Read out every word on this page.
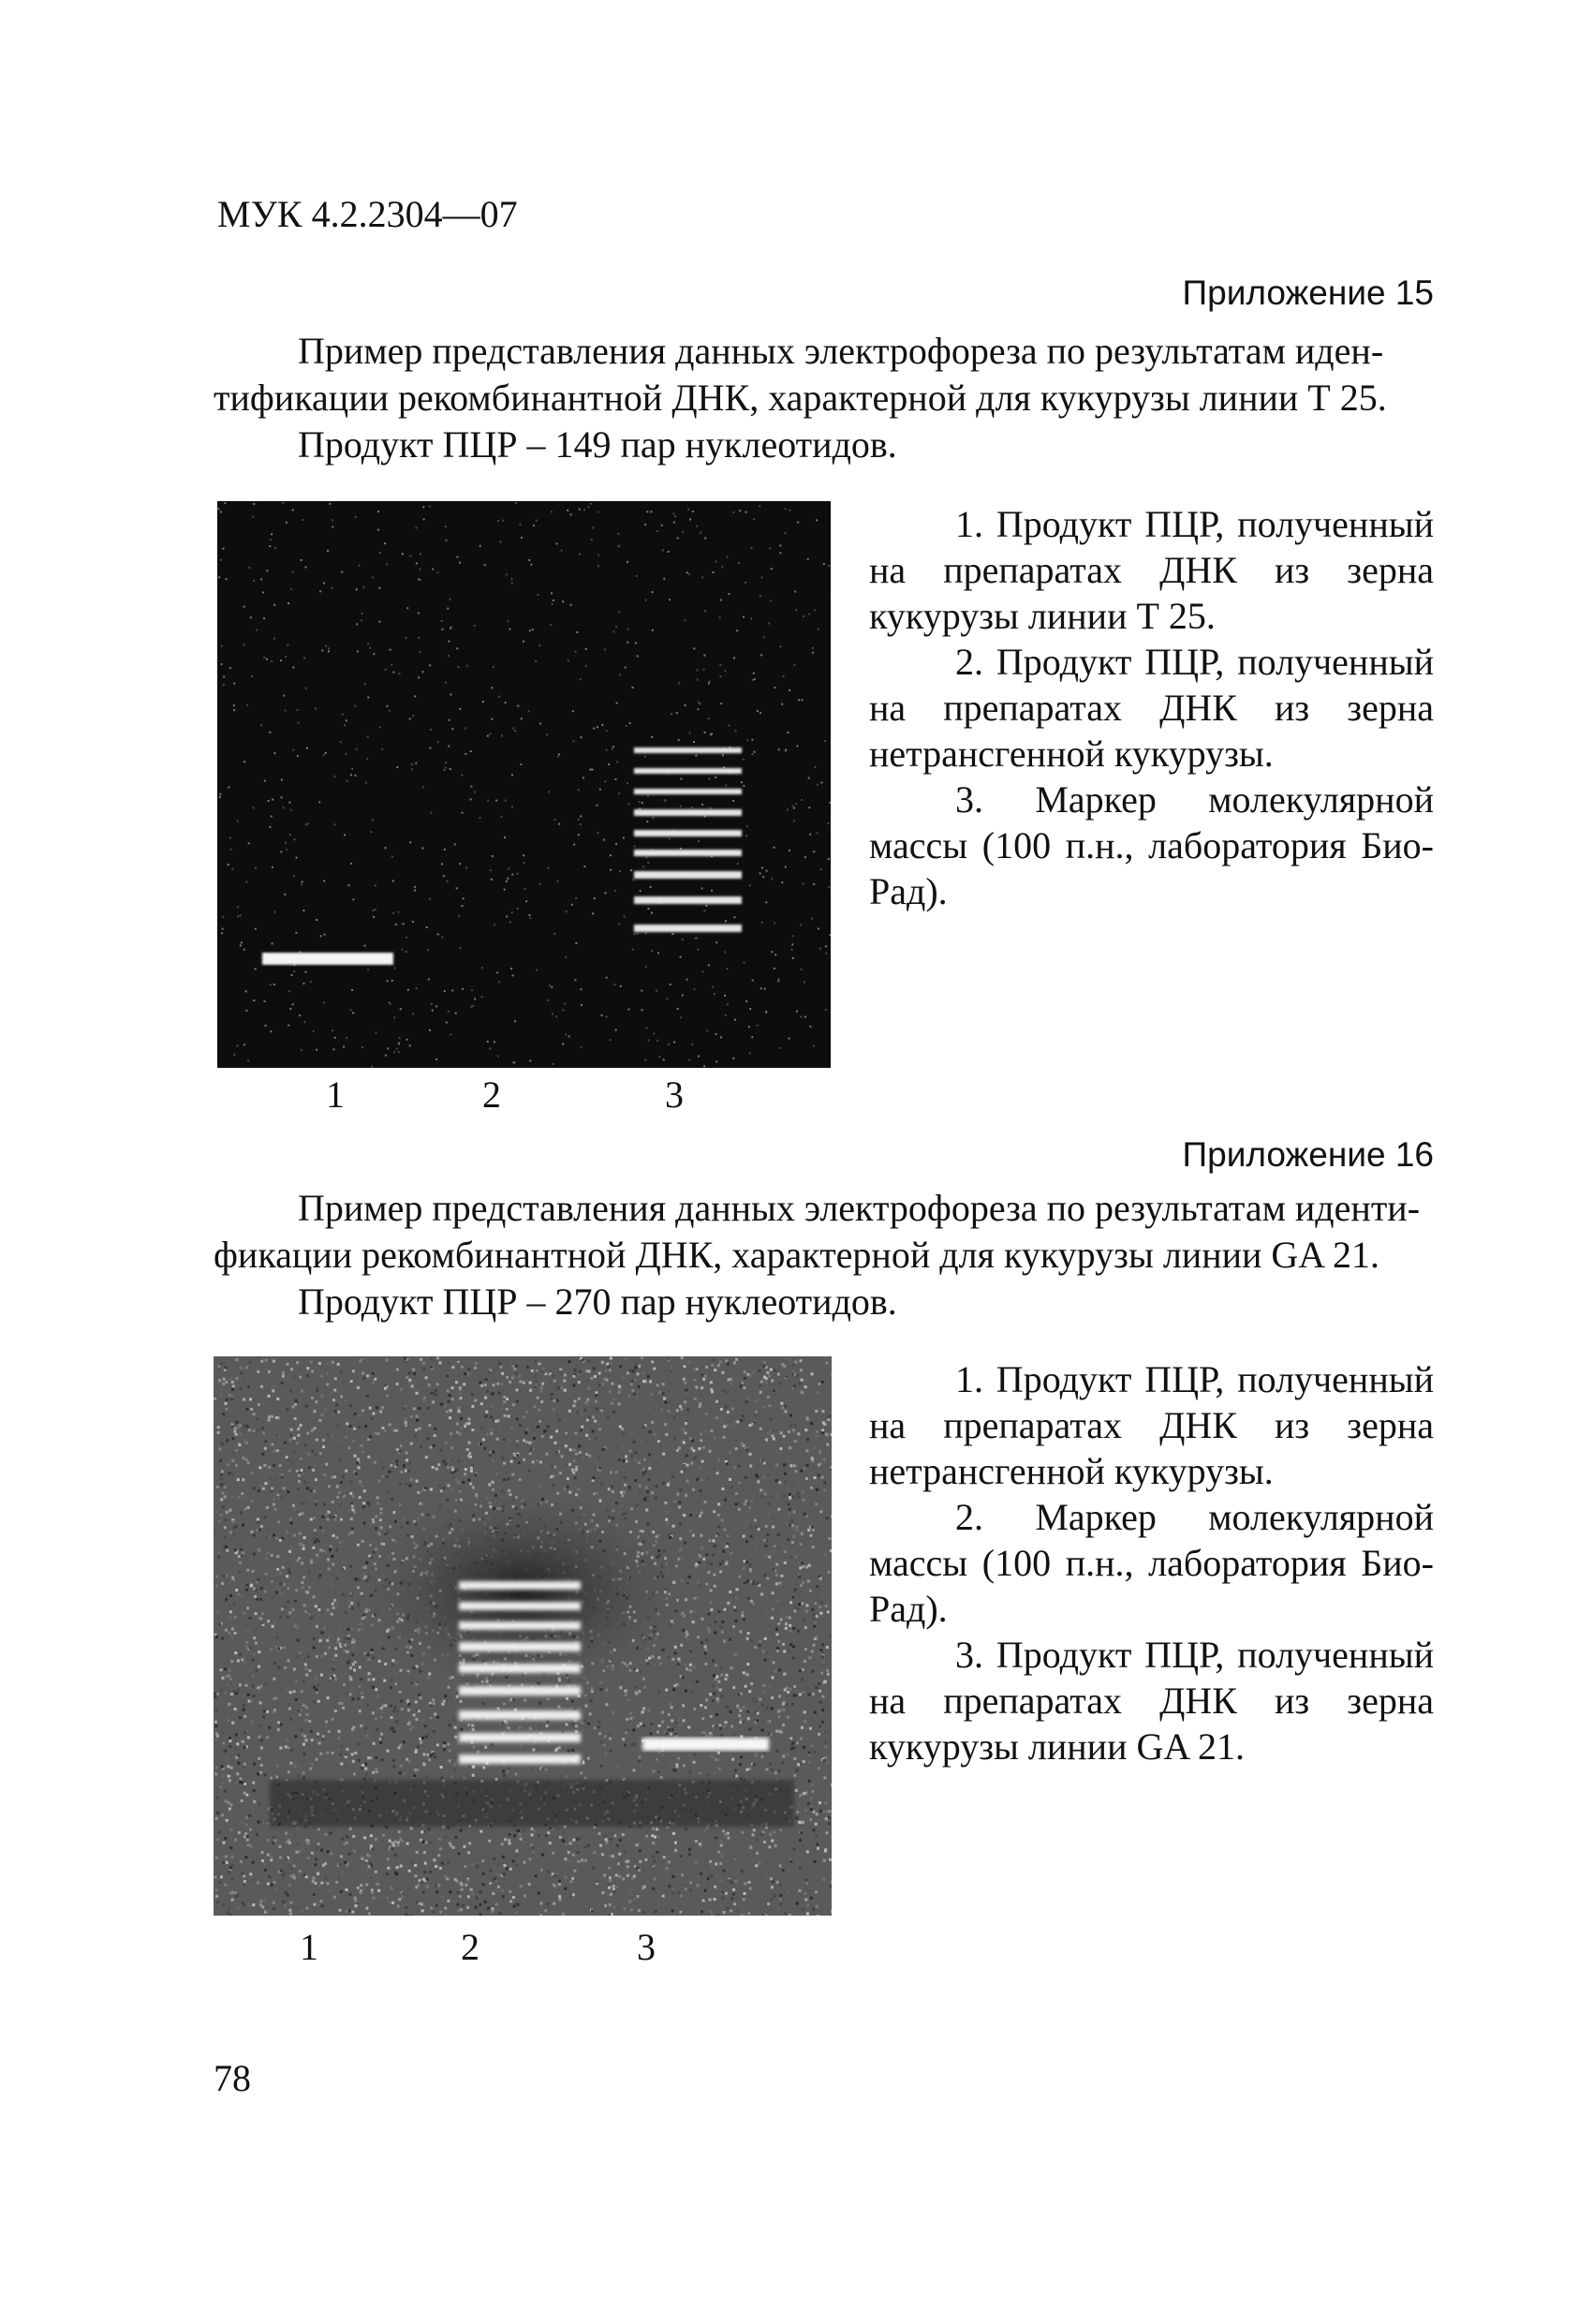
МУК 4.2.2304—07
Приложение 15
Пример представления данных электрофореза по результатам иден-
тификации рекомбинантной ДНК, характерной для кукурузы линии Т 25.
Продукт ПЦР – 149 пар нуклеотидов.

1. Продукт ПЦР, полученный на препаратах ДНК из зерна кукурузы линии Т 25.

2. Продукт ПЦР, полученный на препаратах ДНК из зерна нетрансгенной кукурузы.

3. Маркер молекулярной массы (100 п.н., лаборатория Био-Рад).

1	2	3
Приложение 16
Пример представления данных электрофореза по результатам иденти-
фикации рекомбинантной ДНК, характерной для кукурузы линии GA 21.
Продукт ПЦР – 270 пар нуклеотидов.

1. Продукт ПЦР, полученный на препаратах ДНК из зерна нетрансгенной кукурузы.

2. Маркер молекулярной массы (100 п.н., лаборатория Био-Рад).

3. Продукт ПЦР, полученный на препаратах ДНК из зерна кукурузы линии GA 21.

1	2	3
78
